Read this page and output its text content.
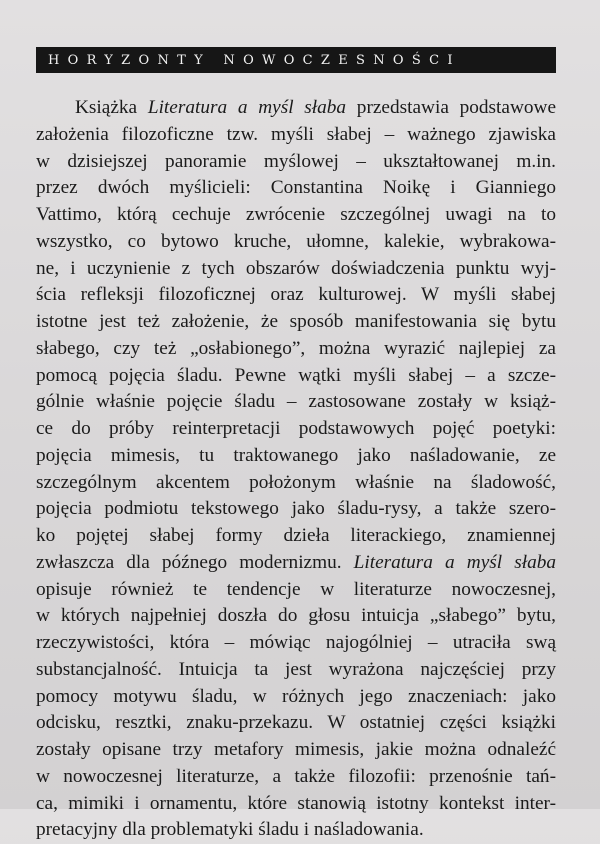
HORYZONTY NOWOCZESNOŚCI
Książka Literatura a myśl słaba przedstawia podstawowe
założenia filozoficzne tzw. myśli słabej – ważnego zjawiska
w dzisiejszej panoramie myślowej – ukształtowanej m.in.
przez dwóch myślicieli: Constantina Noikę i Gianniego
Vattimo, którą cechuje zwrócenie szczególnej uwagi na to
wszystko, co bytowo kruche, ułomne, kalekie, wybrakowa-
ne, i uczynienie z tych obszarów doświadczenia punktu wyj-
ścia refleksji filozoficznej oraz kulturowej. W myśli słabej
istotne jest też założenie, że sposób manifestowania się bytu
słabego, czy też „osłabionego”, można wyrazić najlepiej za
pomocą pojęcia śladu. Pewne wątki myśli słabej – a szcze-
gólnie właśnie pojęcie śladu – zastosowane zostały w książ-
ce do próby reinterpretacji podstawowych pojęć poetyki:
pojęcia mimesis, tu traktowanego jako naśladowanie, ze
szczególnym akcentem położonym właśnie na śladowość,
pojęcia podmiotu tekstowego jako śladu-rysy, a także szero-
ko pojętej słabej formy dzieła literackiego, znamiennej
zwłaszcza dla późnego modernizmu. Literatura a myśl słaba
opisuje również te tendencje w literaturze nowoczesnej,
w których najpełniej doszła do głosu intuicja „słabego” bytu,
rzeczywistości, która – mówiąc najogólniej – utraciła swą
substancjalność. Intuicja ta jest wyrażona najczęściej przy
pomocy motywu śladu, w różnych jego znaczeniach: jako
odcisku, resztki, znaku-przekazu. W ostatniej części książki
zostały opisane trzy metafory mimesis, jakie można odnaleźć
w nowoczesnej literaturze, a także filozofii: przenośnie tań-
ca, mimiki i ornamentu, które stanowią istotny kontekst inter-
pretacyjny dla problematyki śladu i naśladowania.
